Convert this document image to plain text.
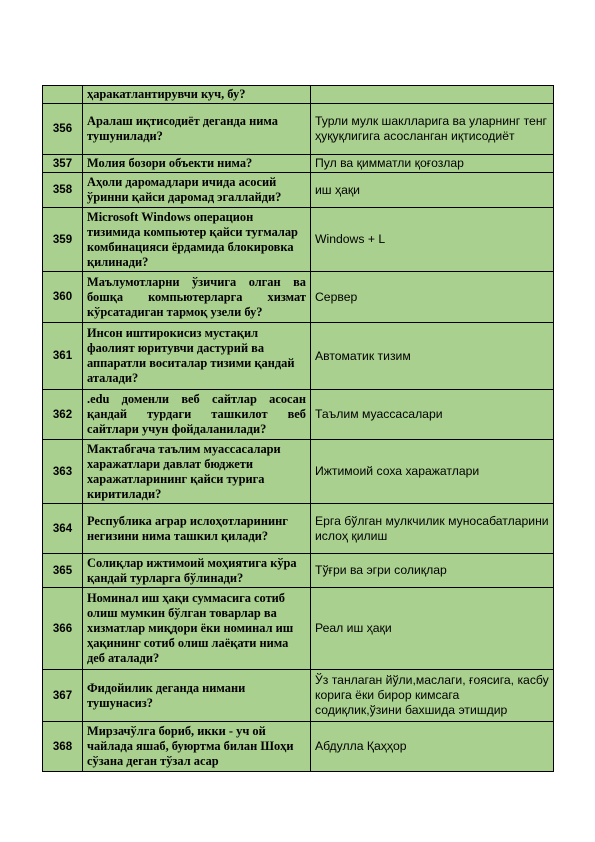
	ҳаракатлантирувчи куч, бу?	
356	Аралаш иқтисодиёт деганда нима тушунилади?	Турли мулк шаклларига ва уларнинг тенг ҳуқуқлигига асосланган иқтисодиёт
357	Молия бозори объекти нима?	Пул ва қимматли қоғозлар
358	Аҳоли даромадлари ичида асосий ўринни қайси даромад эгаллайди?	иш ҳақи
359	Microsoft Windows операцион тизимида компьютер қайси тугмалар комбинацияси ёрдамида блокировка қилинади?	Windows + L
360	Маълумотларни ўзичига олган ва бошқа компьютерларга хизмат кўрсатадиган тармоқ узели бу?	Сервер
361	Инсон иштирокисиз мустақил фаолият юритувчи дастурий ва аппаратли воситалар тизими қандай аталади?	Автоматик тизим
362	.edu доменли веб сайтлар асосан қандай турдаги ташкилот веб сайтлари учун фойдаланилади?	Таълим муассасалари
363	Мактабгача таълим муассасалари харажатлари давлат бюджети харажатларининг қайси турига киритилади?	Ижтимоий соха харажатлари
364	Республика аграр ислоҳотларининг негизини нима ташкил қилади?	Ерга бўлган мулкчилик муносабатларини ислоҳ қилиш
365	Солиқлар ижтимоий моҳиятига кўра қандай турларга бўлинади?	Тўғри ва эгри солиқлар
366	Номинал иш ҳақи суммасига сотиб олиш мумкин бўлган товарлар ва хизматлар миқдори ёки номинал иш ҳақининг сотиб олиш лаёқати нима деб аталади?	Реал иш ҳақи
367	Фидойилик деганда нимани тушунасиз?	Ўз танлаган йўли,маслаги, ғоясига, касбу корига ёки бирор кимсага содиқлик,ўзини бахшида этишдир
368	Мирзачўлга бориб, икки - уч ой чайлада яшаб, буюртма билан Шоҳи сўзана деган тўзал асар	Абдулла Қаҳҳор
